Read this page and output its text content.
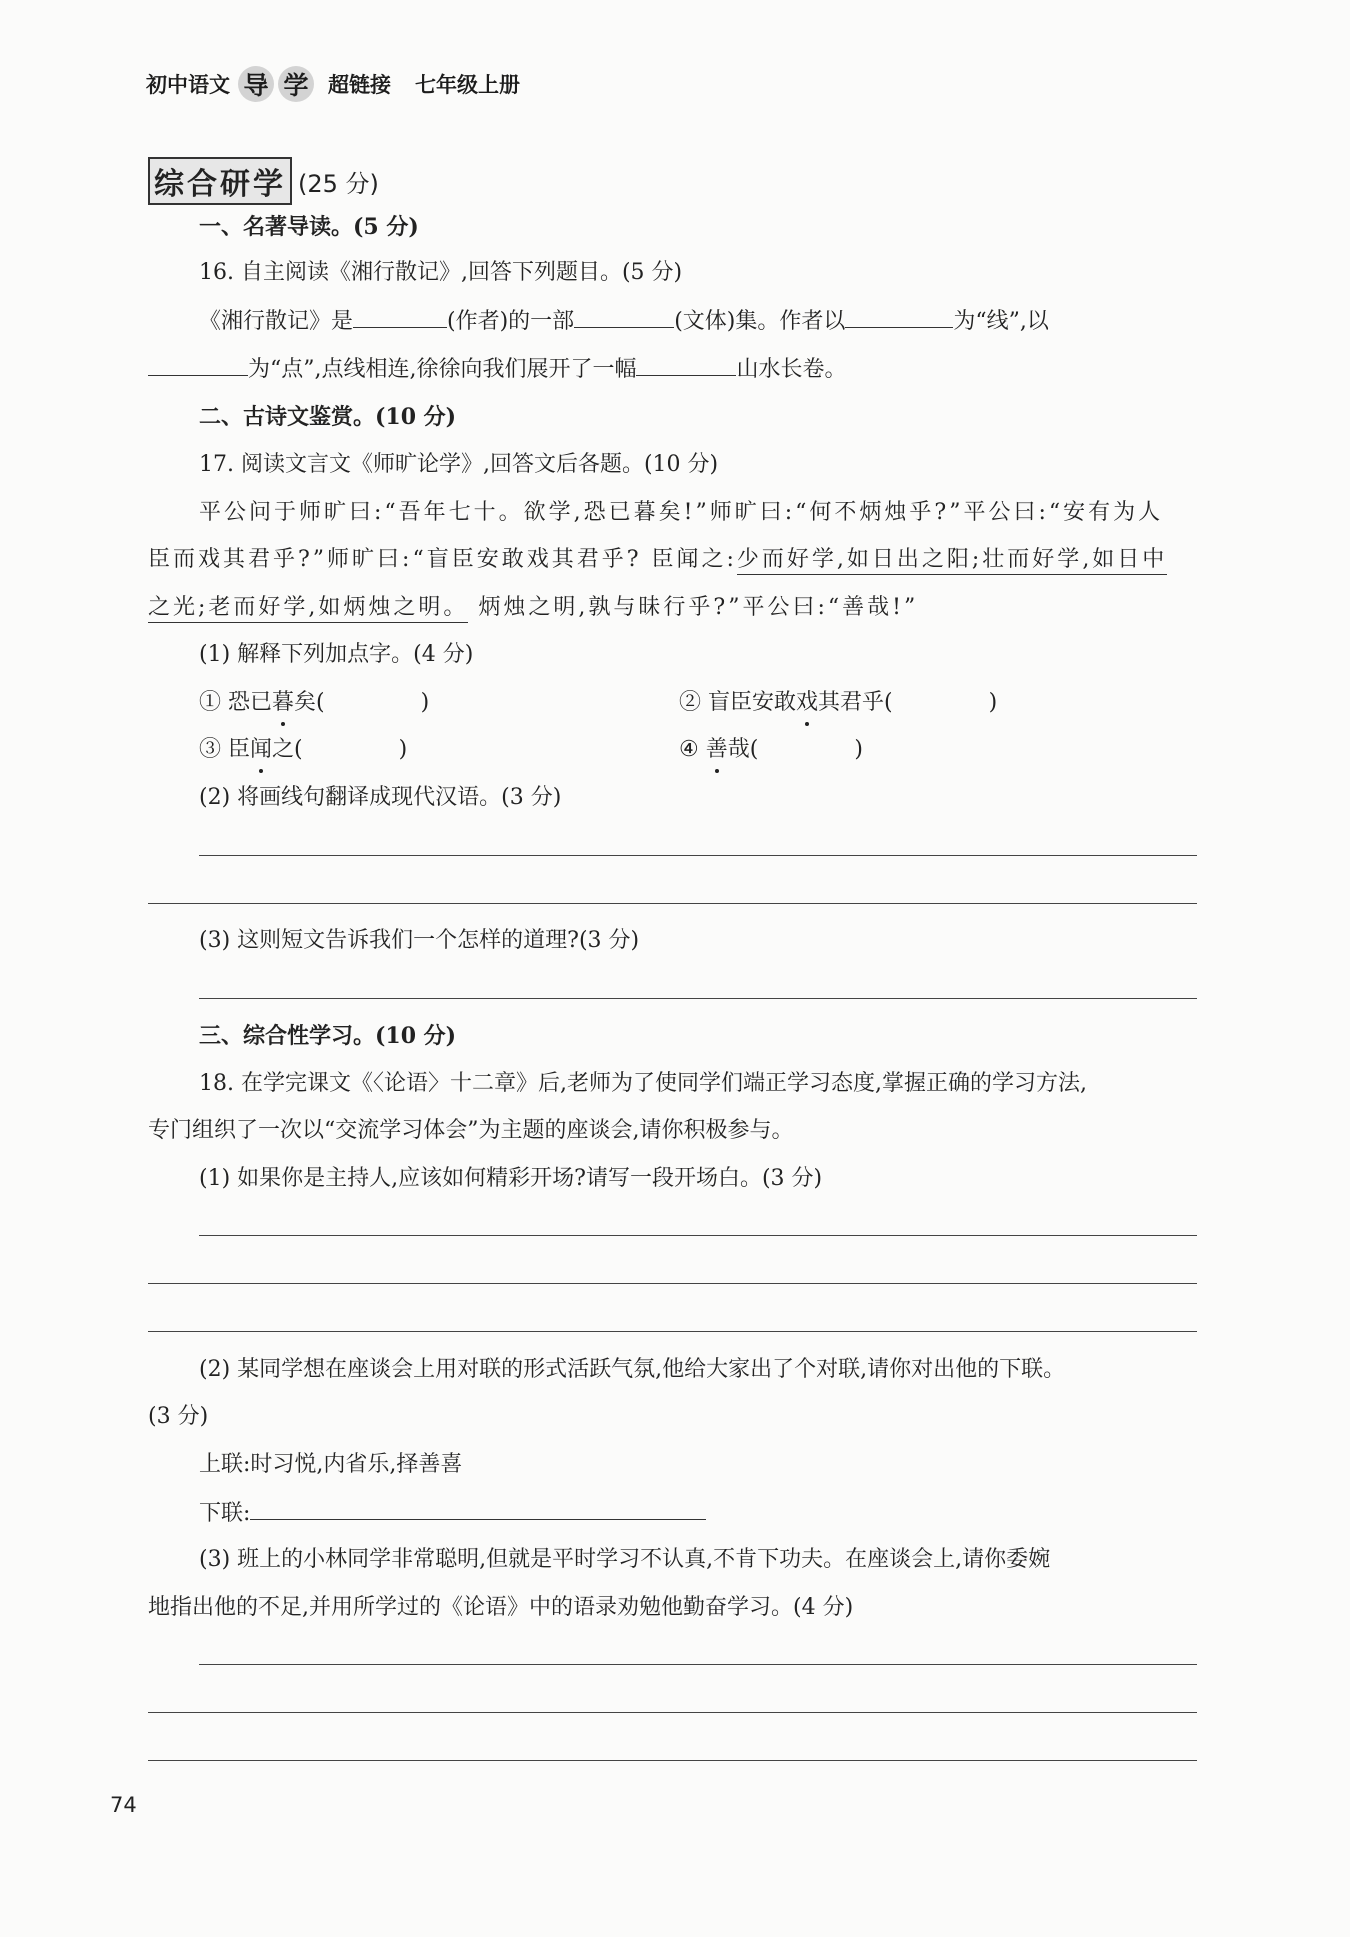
初中语文 导 学 超链接 七年级上册
综合研学 (25 分)
一、名著导读。(5 分)
16. 自主阅读《湘行散记》,回答下列题目。(5 分)
《湘行散记》是	(作者)的一部	(文体)集。作者以	为“线”,以
为“点”,点线相连,徐徐向我们展开了一幅	山水长卷。
二、古诗文鉴赏。(10 分)
17. 阅读文言文《师旷论学》,回答文后各题。(10 分)
平公问于师旷曰:“吾年七十。欲学,恐已暮矣!”师旷曰:“何不炳烛乎?”平公曰:“安有为人
臣而戏其君乎?”师旷曰:“盲臣安敢戏其君乎? 臣闻之:少而好学,如日出之阳;壮而好学,如日中
之光;老而好学,如炳烛之明。 炳烛之明,孰与昧行乎?”平公曰:“善哉!”
(1) 解释下列加点字。(4 分)
① 恐已暮矣(	)	② 盲臣安敢戏其君乎(	)
③ 臣闻之(	)	④ 善哉(	)
(2) 将画线句翻译成现代汉语。(3 分)
(3) 这则短文告诉我们一个怎样的道理?(3 分)
三、综合性学习。(10 分)
18. 在学完课文《〈论语〉十二章》后,老师为了使同学们端正学习态度,掌握正确的学习方法,
专门组织了一次以“交流学习体会”为主题的座谈会,请你积极参与。
(1) 如果你是主持人,应该如何精彩开场?请写一段开场白。(3 分)
(2) 某同学想在座谈会上用对联的形式活跃气氛,他给大家出了个对联,请你对出他的下联。
(3 分)
上联:时习悦,内省乐,择善喜
下联:
(3) 班上的小林同学非常聪明,但就是平时学习不认真,不肯下功夫。在座谈会上,请你委婉
地指出他的不足,并用所学过的《论语》中的语录劝勉他勤奋学习。(4 分)
74
